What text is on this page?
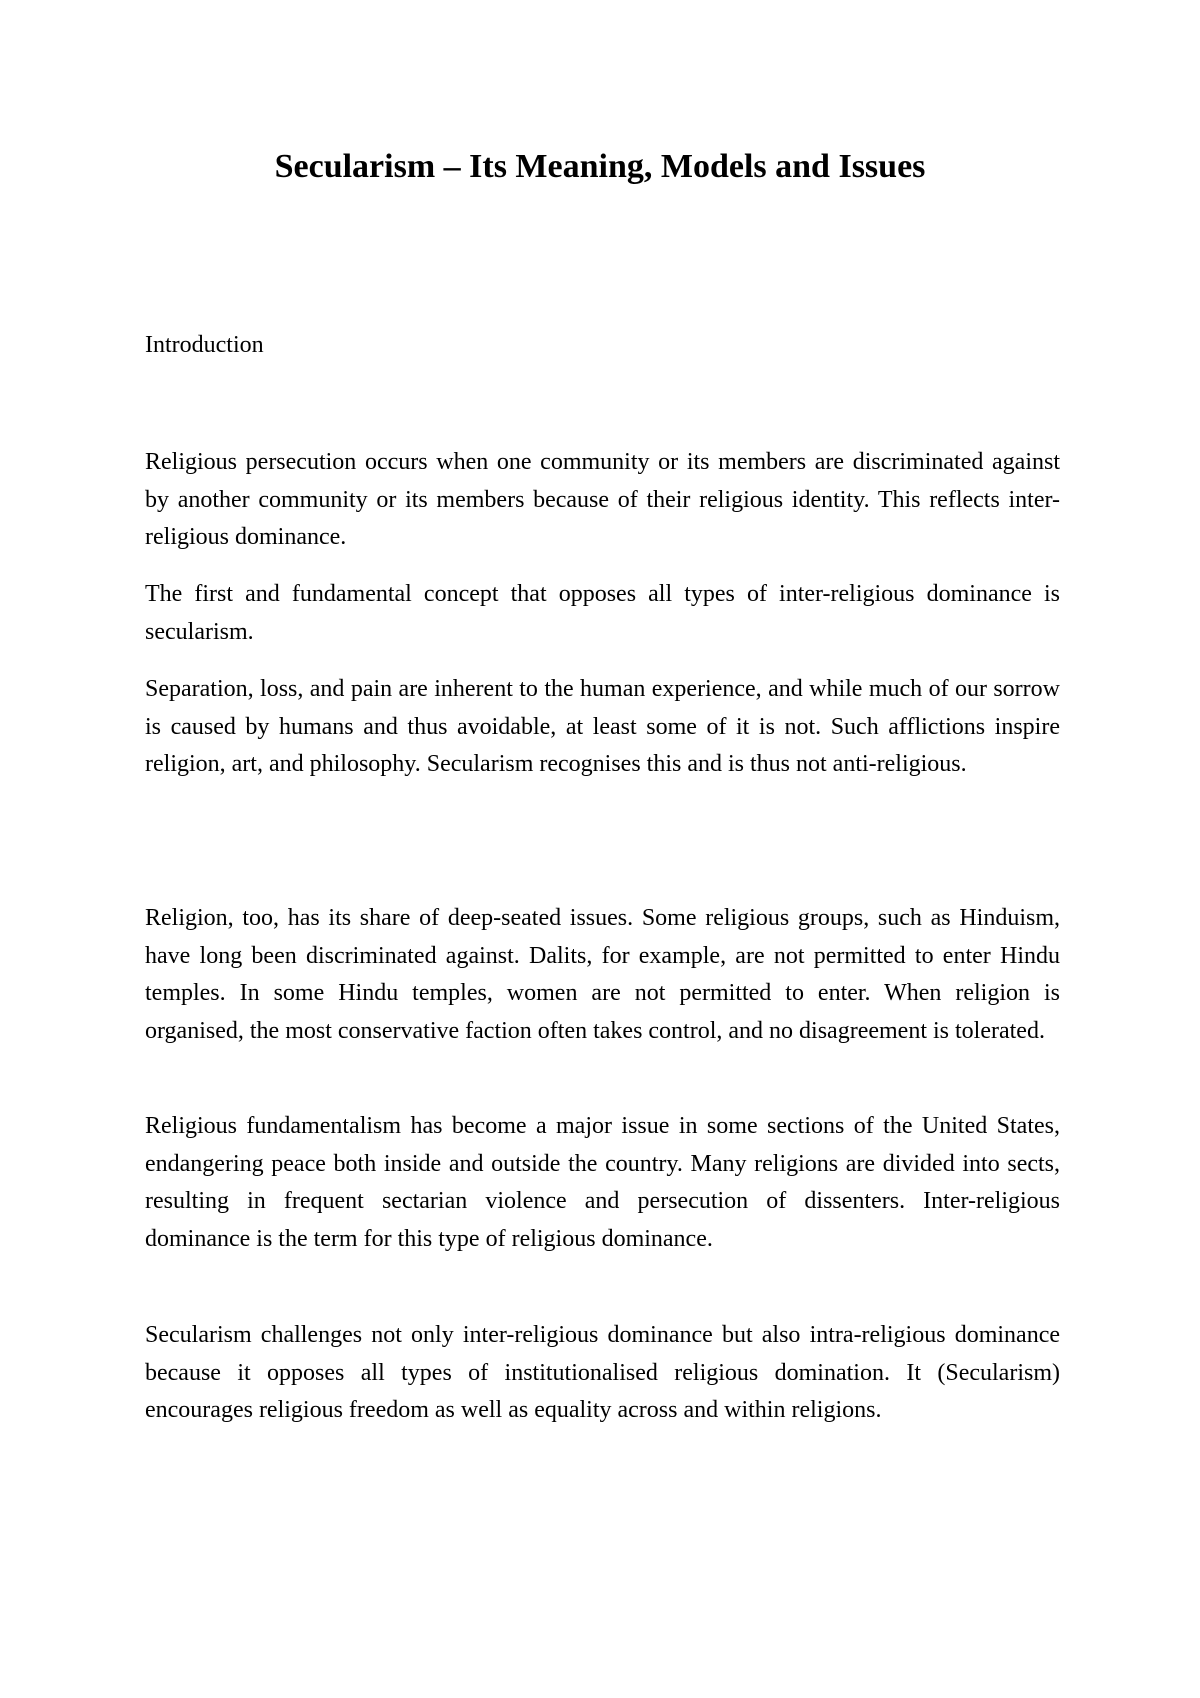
Secularism – Its Meaning, Models and Issues

Introduction

Religious persecution occurs when one community or its members are discriminated against by another community or its members because of their religious identity. This reflects inter-religious dominance.

The first and fundamental concept that opposes all types of inter-religious dominance is secularism.

Separation, loss, and pain are inherent to the human experience, and while much of our sorrow is caused by humans and thus avoidable, at least some of it is not. Such afflictions inspire religion, art, and philosophy. Secularism recognises this and is thus not anti-religious.

Religion, too, has its share of deep-seated issues. Some religious groups, such as Hinduism, have long been discriminated against. Dalits, for example, are not permitted to enter Hindu temples. In some Hindu temples, women are not permitted to enter. When religion is organised, the most conservative faction often takes control, and no disagreement is tolerated.

Religious fundamentalism has become a major issue in some sections of the United States, endangering peace both inside and outside the country. Many religions are divided into sects, resulting in frequent sectarian violence and persecution of dissenters. Inter-religious dominance is the term for this type of religious dominance.

Secularism challenges not only inter-religious dominance but also intra-religious dominance because it opposes all types of institutionalised religious domination. It (Secularism) encourages religious freedom as well as equality across and within religions.
